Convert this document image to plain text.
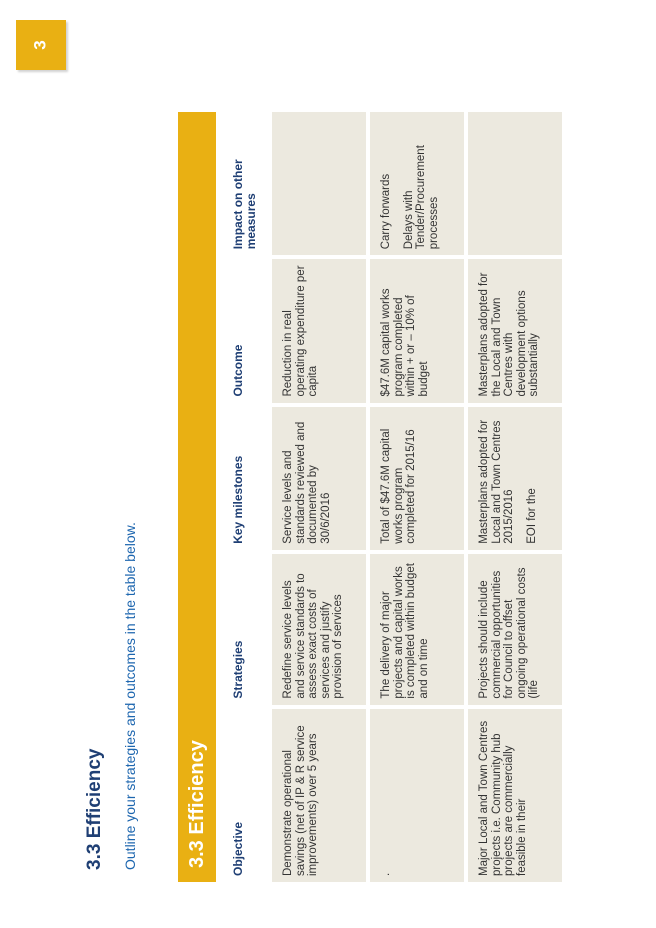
3
3.3 Efficiency Outline your strategies and outcomes in the table below.	3.3 Efficiency	Objective	Strategies	Key milestones	Outcome	Impact on other measures

Demonstrate operational savings (net of IP & R service improvements) over 5 years	Redefine service levels and service standards to assess exact costs of services and justify provision of services	Service levels and standards reviewed and documented by 30/6/2016	Reduction in real operating expenditure per capita	

.	The delivery of major projects and capital works is completed within budget and on time	Total of $47.6M capital works program completed for 2015/16	$47.6M capital works program completed within + or – 10% of budget	Carry forwards Delays with Tender/Procurement processes

Major Local and Town Centres projects i.e. Community hub projects are commercially feasible in their	Projects should include commercial opportunities for Council to offset ongoing operational costs (life	Masterplans adopted for Local and Town Centres 2015/2016 EOI for the	Masterplans adopted for the Local and Town Centres with development options substantially	
